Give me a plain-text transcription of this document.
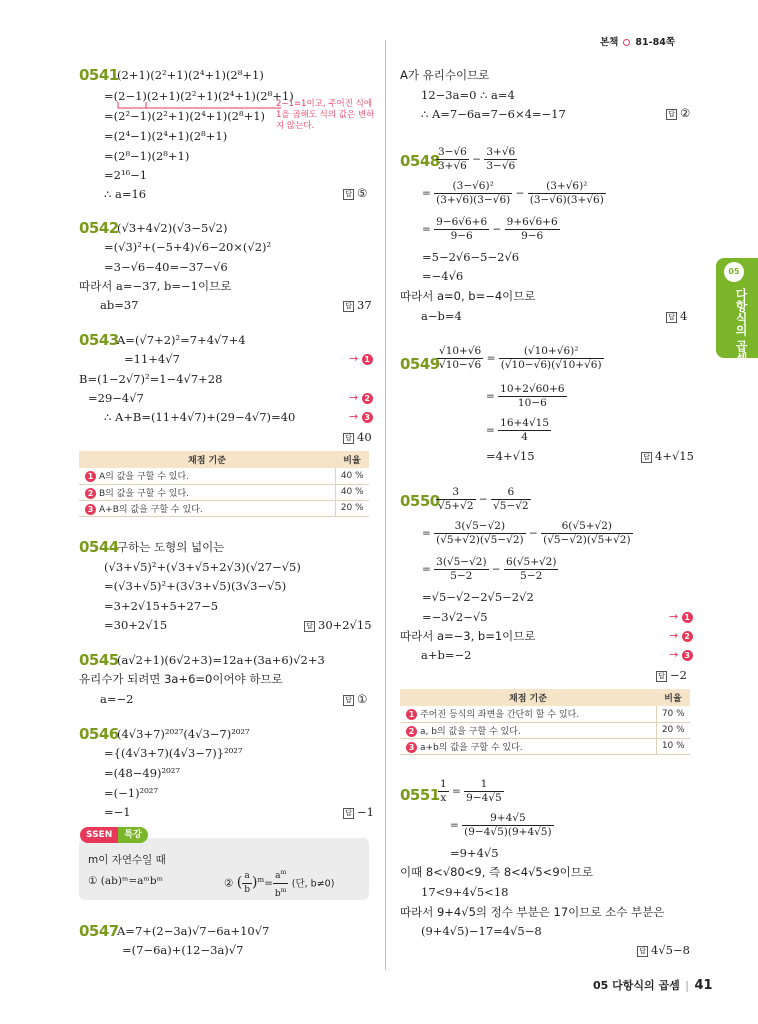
본책 81-84쪽
0541
(2+1)(2²+1)(2⁴+1)(2⁸+1)
=(2−1)(2+1)(2²+1)(2⁴+1)(2⁸+1)
2−1=1이고, 주어진 식에
1을 곱해도 식의 값은 변하
지 않는다.
=(2²−1)(2²+1)(2⁴+1)(2⁸+1)
=(2⁴−1)(2⁴+1)(2⁸+1)
=(2⁸−1)(2⁸+1)
=2¹⁶−1
∴ a=16	답 ⑤
0542
(√3+4√2)(√3−5√2)
=(√3)²+(−5+4)√6−20×(√2)²
=3−√6−40=−37−√6
따라서 a=−37, b=−1이므로
ab=37	답 37
0543
A=(√7+2)²=7+4√7+4
=11+4√7	→ 1
B=(1−2√7)²=1−4√7+28
=29−4√7	→ 2
∴ A+B=(11+4√7)+(29−4√7)=40	→ 3
답 40
채점 기준	비율
1 A의 값을 구할 수 있다.	40 %
2 B의 값을 구할 수 있다.	40 %
3 A+B의 값을 구할 수 있다.	20 %
0544
구하는 도형의 넓이는
(√3+√5)²+(√3+√5+2√3)(√27−√5)
=(√3+√5)²+(3√3+√5)(3√3−√5)
=3+2√15+5+27−5
=30+2√15	답 30+2√15
0545
(a√2+1)(6√2+3)=12a+(3a+6)√2+3
유리수가 되려면 3a+6=0이어야 하므로
a=−2	답 ①
0546
(4√3+7)²⁰²⁷(4√3−7)²⁰²⁷
={(4√3+7)(4√3−7)}²⁰²⁷
=(48−49)²⁰²⁷
=(−1)²⁰²⁷
=−1	답 −1
SSEN	특강
m이 자연수일 때
① (ab)ᵐ=aᵐbᵐ	② ( $\frac{a}{b} )^m= \frac{a^m}{b^m}$ (단, b≠0)
0547
A=7+(2−3a)√7−6a+10√7
=(7−6a)+(12−3a)√7
A가 유리수이므로
12−3a=0 ∴ a=4
∴ A=7−6a=7−6×4=−17	답 ②
0548
$\frac{3-√6}{3+√6} - \frac{3+√6}{3-√6}$
= $\frac{\text{(3−√6)²}}{(3+√6)(3-√6)} - \frac{\text{(3+√6)²}}{(3-√6)(3+√6)}$
= $\frac{9-6√6+6}{9-6} - \frac{9+6√6+6}{9-6}$
=5−2√6−5−2√6
=−4√6
따라서 a=0, b=−4이므로
a−b=4	답 4
0549
$\frac{√10+√6}{√10-√6} = \frac{\text{(√10+√6)²}}{(√10-√6)(√10+√6)}$
= $\frac{10+2√60+6}{10-6}$
= $\frac{16+4√15}{4}$
=4+√15	답 4+√15
0550
$\frac{3}{√5+√2} - \frac{6}{√5-√2}$
= $\frac{3(√5-√2)}{(√5+√2)(√5-√2)} - \frac{6(√5+√2)}{(√5-√2)(√5+√2)}$
= $\frac{3(√5-√2)}{5-2} - \frac{6(√5+√2)}{5-2}$
=√5−√2−2√5−2√2
=−3√2−√5	→ 1
따라서 a=−3, b=1이므로	→ 2
a+b=−2	→ 3
답 −2
채점 기준	비율
1 주어진 등식의 좌변을 간단히 할 수 있다.	70 %
2 a, b의 값을 구할 수 있다.	20 %
3 a+b의 값을 구할 수 있다.	10 %
0551
$\frac{1}{x} = \frac{1}{9-4√5}$
= $\frac{9+4√5}{(9-4√5)(9+4√5)}$
=9+4√5
이때 8<√80<9, 즉 8<4√5<9이므로
17<9+4√5<18
따라서 9+4√5의 정수 부분은 17이므로 소수 부분은
(9+4√5)−17=4√5−8
답 4√5−8
05
다항식의 곱셈
05 다항식의 곱셈 | 41
